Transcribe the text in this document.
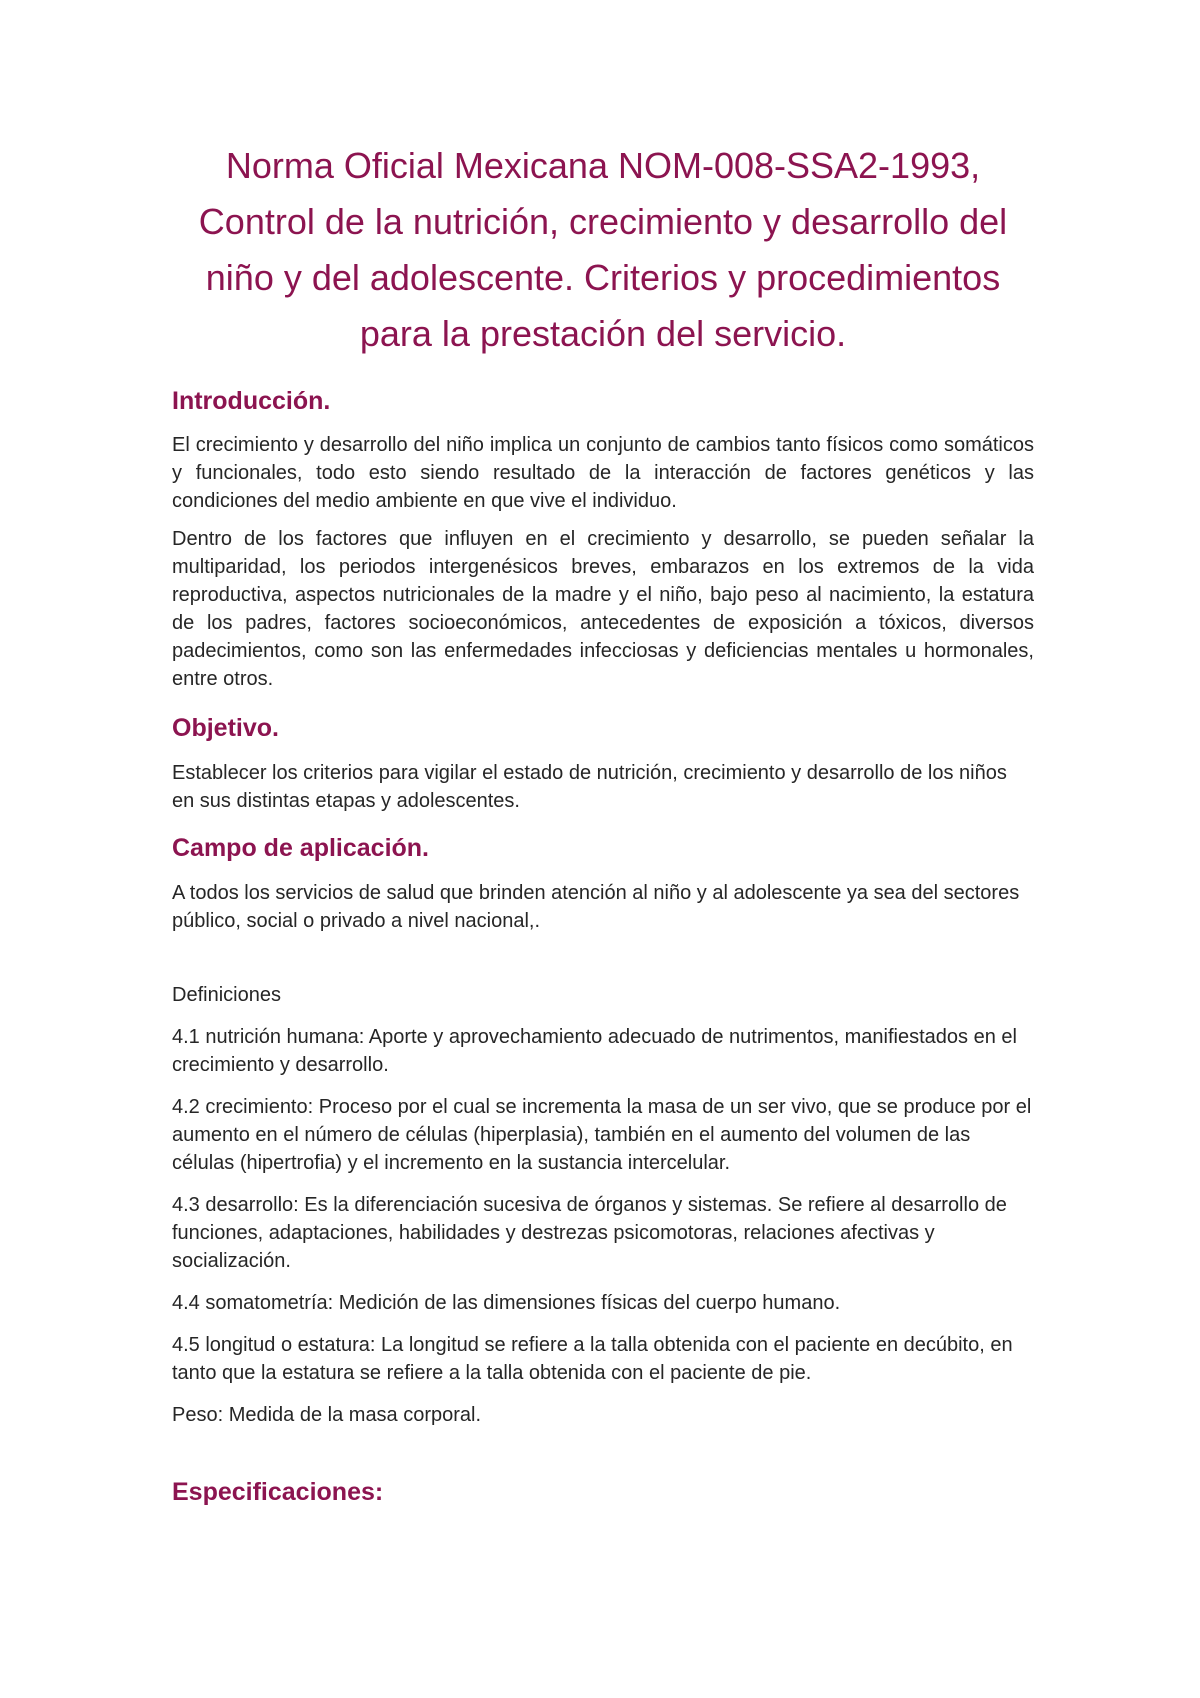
Norma Oficial Mexicana NOM-008-SSA2-1993,
Control de la nutrición, crecimiento y desarrollo del
niño y del adolescente. Criterios y procedimientos
para la prestación del servicio.
Introducción.

El crecimiento y desarrollo del niño implica un conjunto de cambios tanto físicos como somáticos y funcionales, todo esto siendo resultado de la interacción de factores genéticos y las condiciones del medio ambiente en que vive el individuo.

Dentro de los factores que influyen en el crecimiento y desarrollo, se pueden señalar la multiparidad, los periodos intergenésicos breves, embarazos en los extremos de la vida reproductiva, aspectos nutricionales de la madre y el niño, bajo peso al nacimiento, la estatura de los padres, factores socioeconómicos, antecedentes de exposición a tóxicos, diversos padecimientos, como son las enfermedades infecciosas y deficiencias mentales u hormonales, entre otros.

Objetivo.

Establecer los criterios para vigilar el estado de nutrición, crecimiento y desarrollo de los niños en sus distintas etapas y adolescentes.

Campo de aplicación.

A todos los servicios de salud que brinden atención al niño y al adolescente ya sea del sectores público, social o privado a nivel nacional,.

Definiciones

4.1 nutrición humana: Aporte y aprovechamiento adecuado de nutrimentos, manifiestados en el crecimiento y desarrollo.

4.2 crecimiento: Proceso por el cual se incrementa la masa de un ser vivo, que se produce por el aumento en el número de células (hiperplasia), también en el aumento del volumen de las células (hipertrofia) y el incremento en la sustancia intercelular.

4.3 desarrollo: Es la diferenciación sucesiva de órganos y sistemas. Se refiere al desarrollo de funciones, adaptaciones, habilidades y destrezas psicomotoras, relaciones afectivas y socialización.

4.4 somatometría: Medición de las dimensiones físicas del cuerpo humano.

4.5 longitud o estatura: La longitud se refiere a la talla obtenida con el paciente en decúbito, en tanto que la estatura se refiere a la talla obtenida con el paciente de pie.

Peso: Medida de la masa corporal.

Especificaciones:
